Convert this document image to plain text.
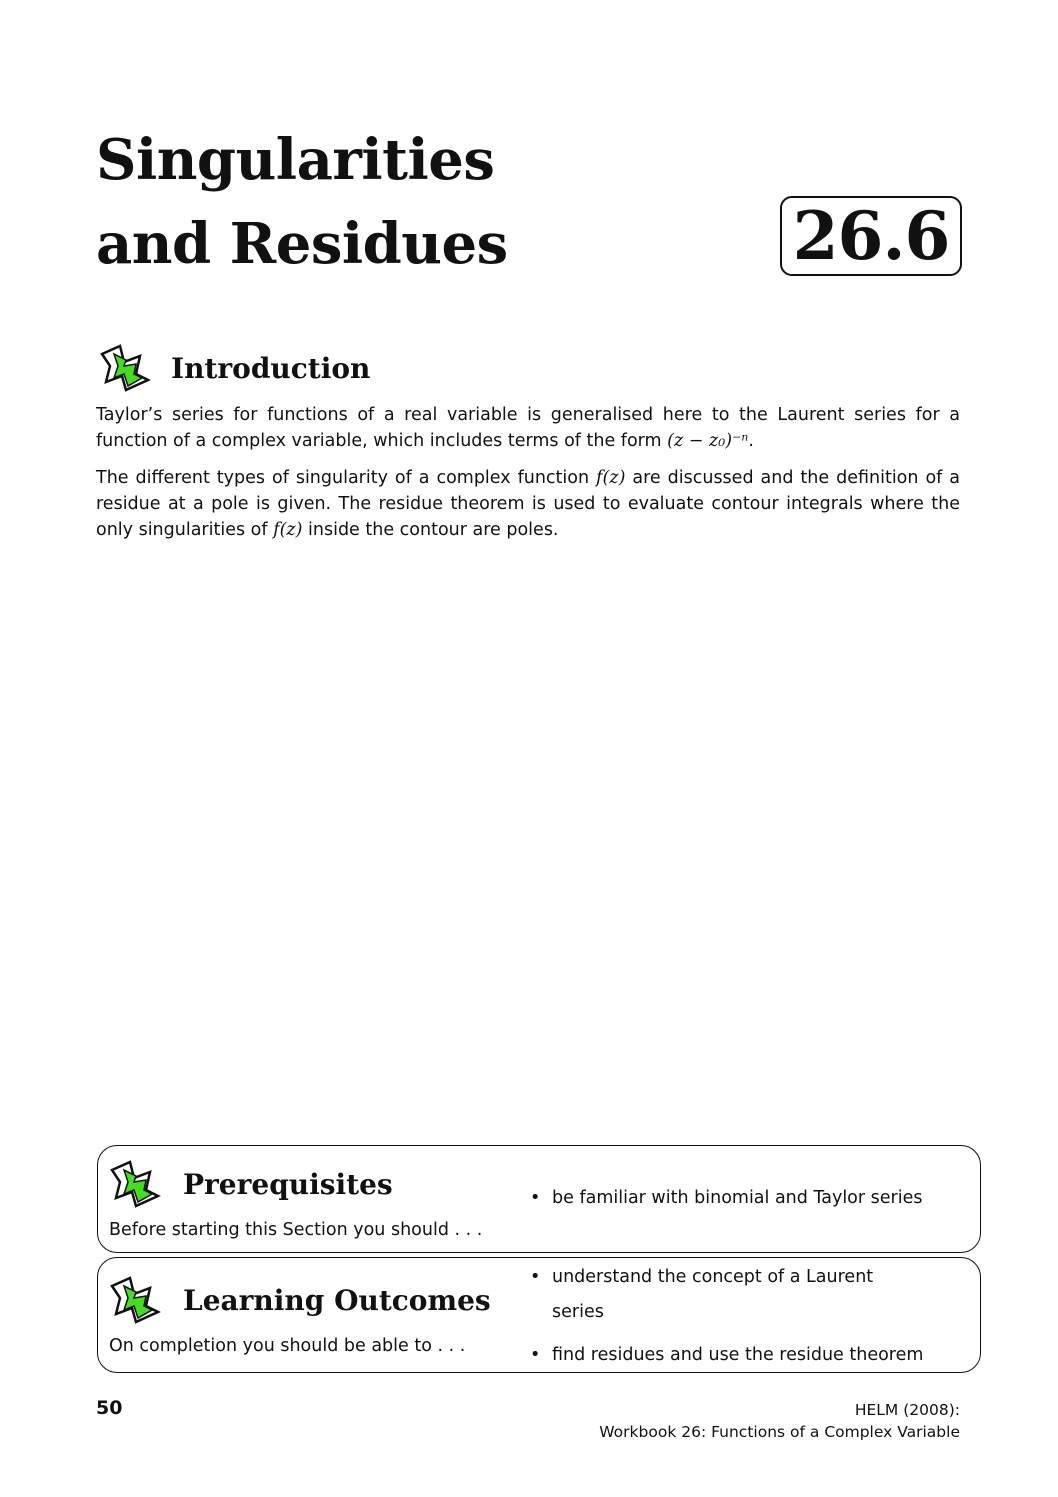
Singularities
and Residues	26.6
Introduction

Taylor’s series for functions of a real variable is generalised here to the Laurent series for a function of a complex variable, which includes terms of the form (z − z₀)⁻ⁿ.

The different types of singularity of a complex function f(z) are discussed and the definition of a residue at a pole is given. The residue theorem is used to evaluate contour integrals where the only singularities of f(z) inside the contour are poles.

Prerequisites
Before starting this Section you should . . .
• be familiar with binomial and Taylor series
Learning Outcomes
On completion you should be able to . . .
• understand the concept of a Laurent
series
• find residues and use the residue theorem
50	HELM (2008):
Workbook 26: Functions of a Complex Variable
